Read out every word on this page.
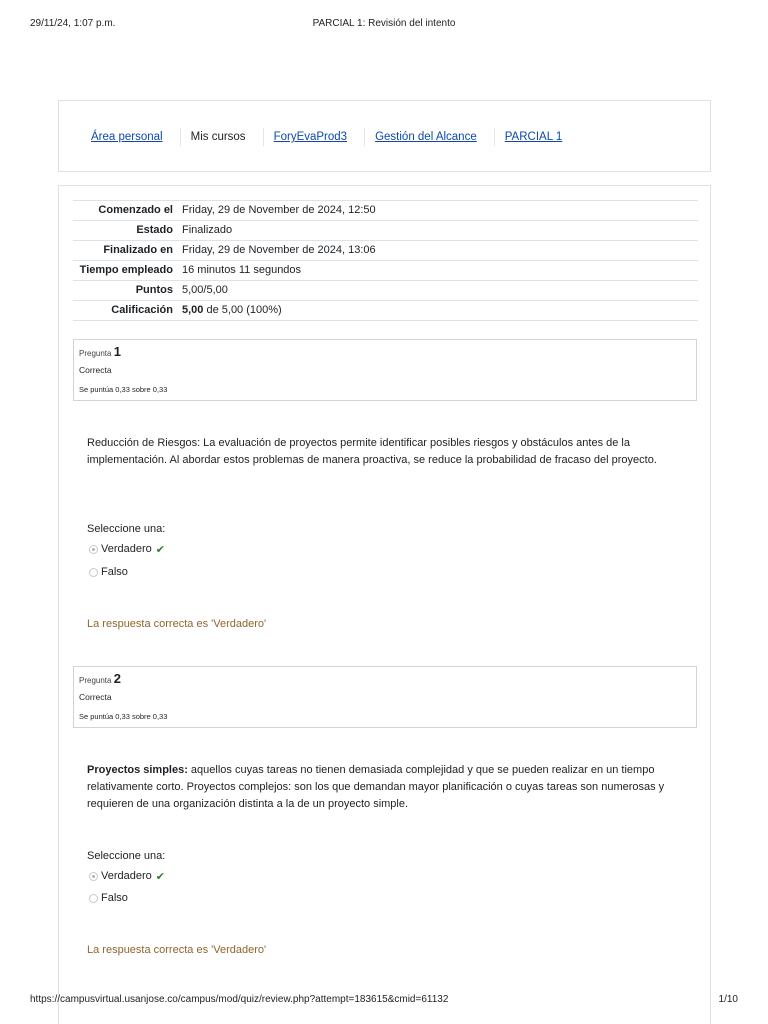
29/11/24, 1:07 p.m.	PARCIAL 1: Revisión del intento
Área personal Mis cursos ForyEvaProd3 Gestión del Alcance PARCIAL 1
Comenzado el	Friday, 29 de November de 2024, 12:50
Estado	Finalizado
Finalizado en	Friday, 29 de November de 2024, 13:06
Tiempo empleado	16 minutos 11 segundos
Puntos	5,00/5,00
Calificación	5,00 de 5,00 (100%)
Pregunta 1
Correcta
Se puntúa 0,33 sobre 0,33
Reducción de Riesgos: La evaluación de proyectos permite identificar posibles riesgos y obstáculos antes de la implementación. Al abordar estos problemas de manera proactiva, se reduce la probabilidad de fracaso del proyecto.
Seleccione una:
Verdadero ✔
Falso
La respuesta correcta es 'Verdadero'
Pregunta 2
Correcta
Se puntúa 0,33 sobre 0,33
Proyectos simples: aquellos cuyas tareas no tienen demasiada complejidad y que se pueden realizar en un tiempo relativamente corto. Proyectos complejos: son los que demandan mayor planificación o cuyas tareas son numerosas y requieren de una organización distinta a la de un proyecto simple.
Seleccione una:
Verdadero ✔
Falso
La respuesta correcta es 'Verdadero'
https://campusvirtual.usanjose.co/campus/mod/quiz/review.php?attempt=183615&cmid=61132	1/10
